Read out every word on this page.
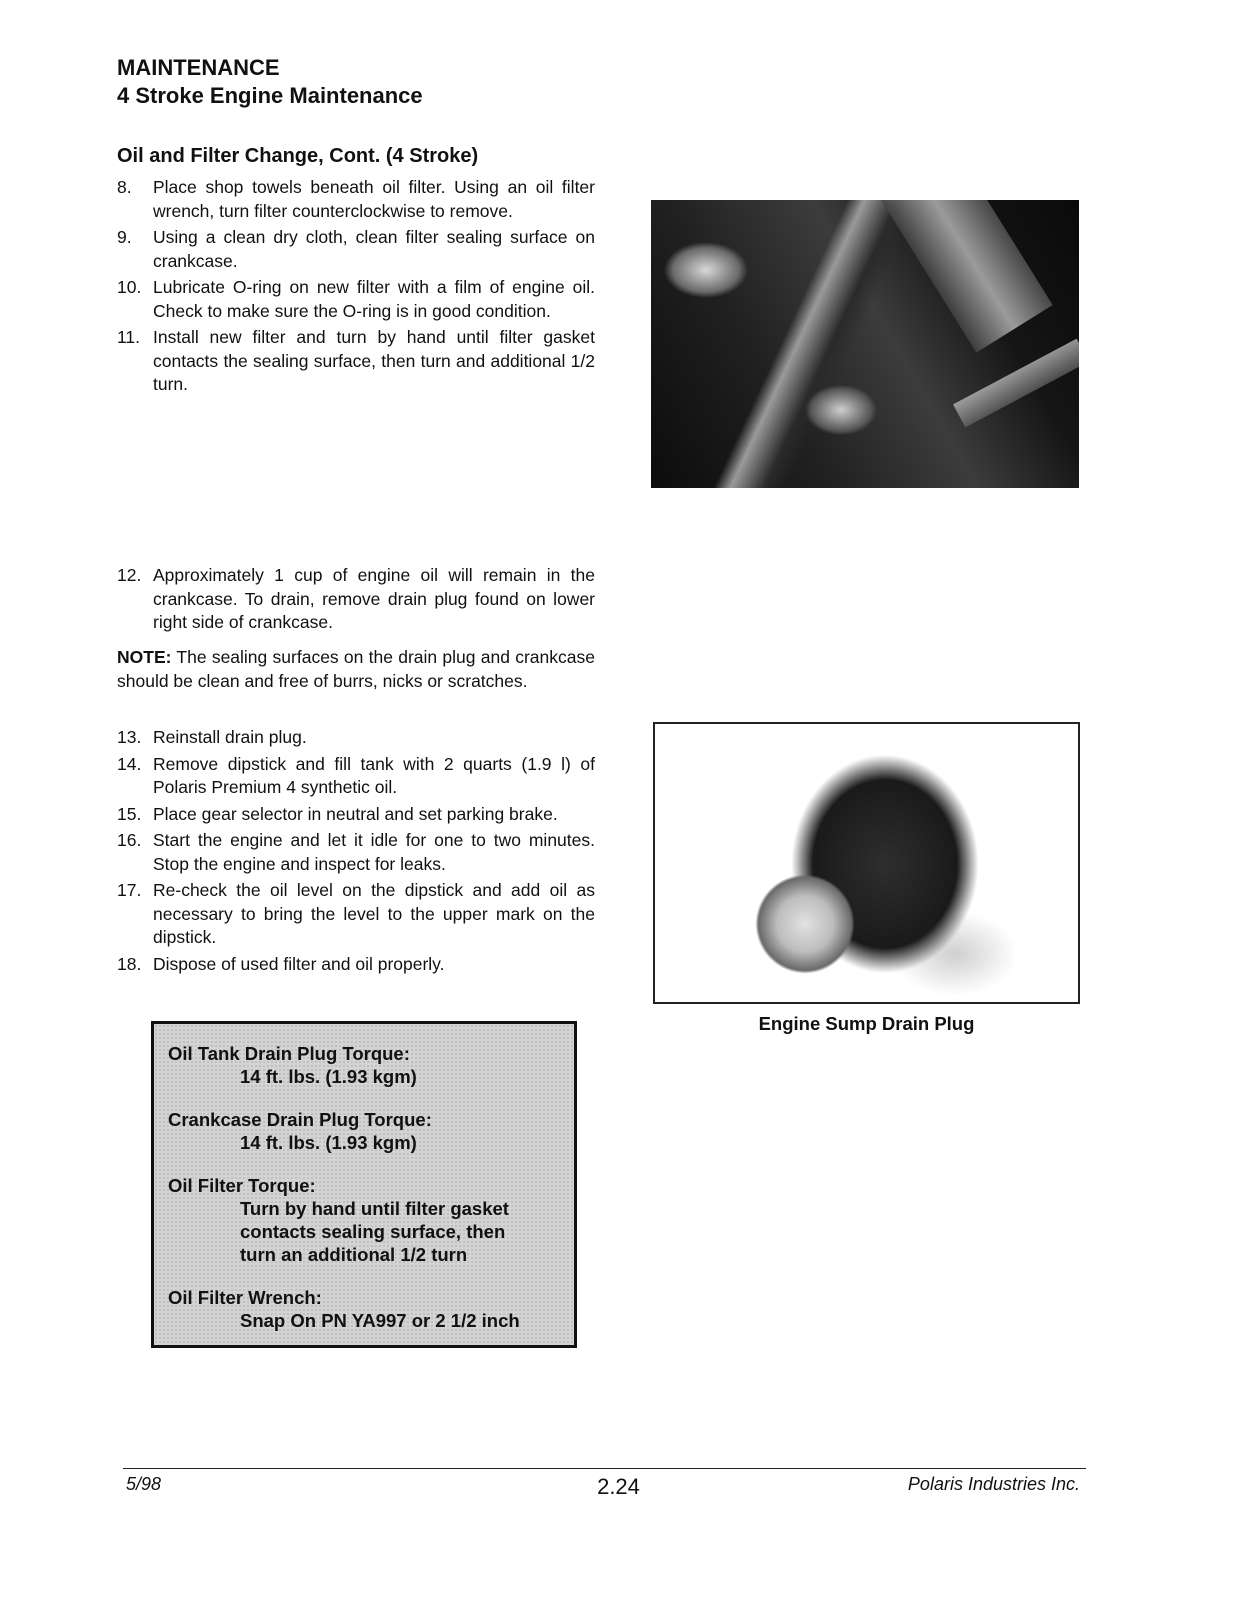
MAINTENANCE
4 Stroke Engine Maintenance
Oil and Filter Change, Cont. (4 Stroke)
8.	Place shop towels beneath oil filter. Using an oil filter wrench, turn filter counterclockwise to remove.
9.	Using a clean dry cloth, clean filter sealing surface on crankcase.
10. Lubricate O-ring on new filter with a film of engine oil. Check to make sure the O-ring is in good condition.
11. Install new filter and turn by hand until filter gasket contacts the sealing surface, then turn and additional 1/2 turn.
12. Approximately 1 cup of engine oil will remain in the crankcase. To drain, remove drain plug found on lower right side of crankcase.
NOTE: The sealing surfaces on the drain plug and crankcase should be clean and free of burrs, nicks or scratches.
13. Reinstall drain plug.
14. Remove dipstick and fill tank with 2 quarts (1.9 l) of Polaris Premium 4 synthetic oil.
15. Place gear selector in neutral and set parking brake.
16. Start the engine and let it idle for one to two minutes. Stop the engine and inspect for leaks.
17. Re-check the oil level on the dipstick and add oil as necessary to bring the level to the upper mark on the dipstick.
18. Dispose of used filter and oil properly.
Engine Sump Drain Plug
Oil Tank Drain Plug Torque:
14 ft. lbs. (1.93 kgm)
Crankcase Drain Plug Torque:
14 ft. lbs. (1.93 kgm)
Oil Filter Torque:
Turn by hand until filter gasket
contacts sealing surface, then
turn an additional 1/2 turn
Oil Filter Wrench:
Snap On PN YA997 or 2 1/2 inch
5/98	2.24	Polaris Industries Inc.
